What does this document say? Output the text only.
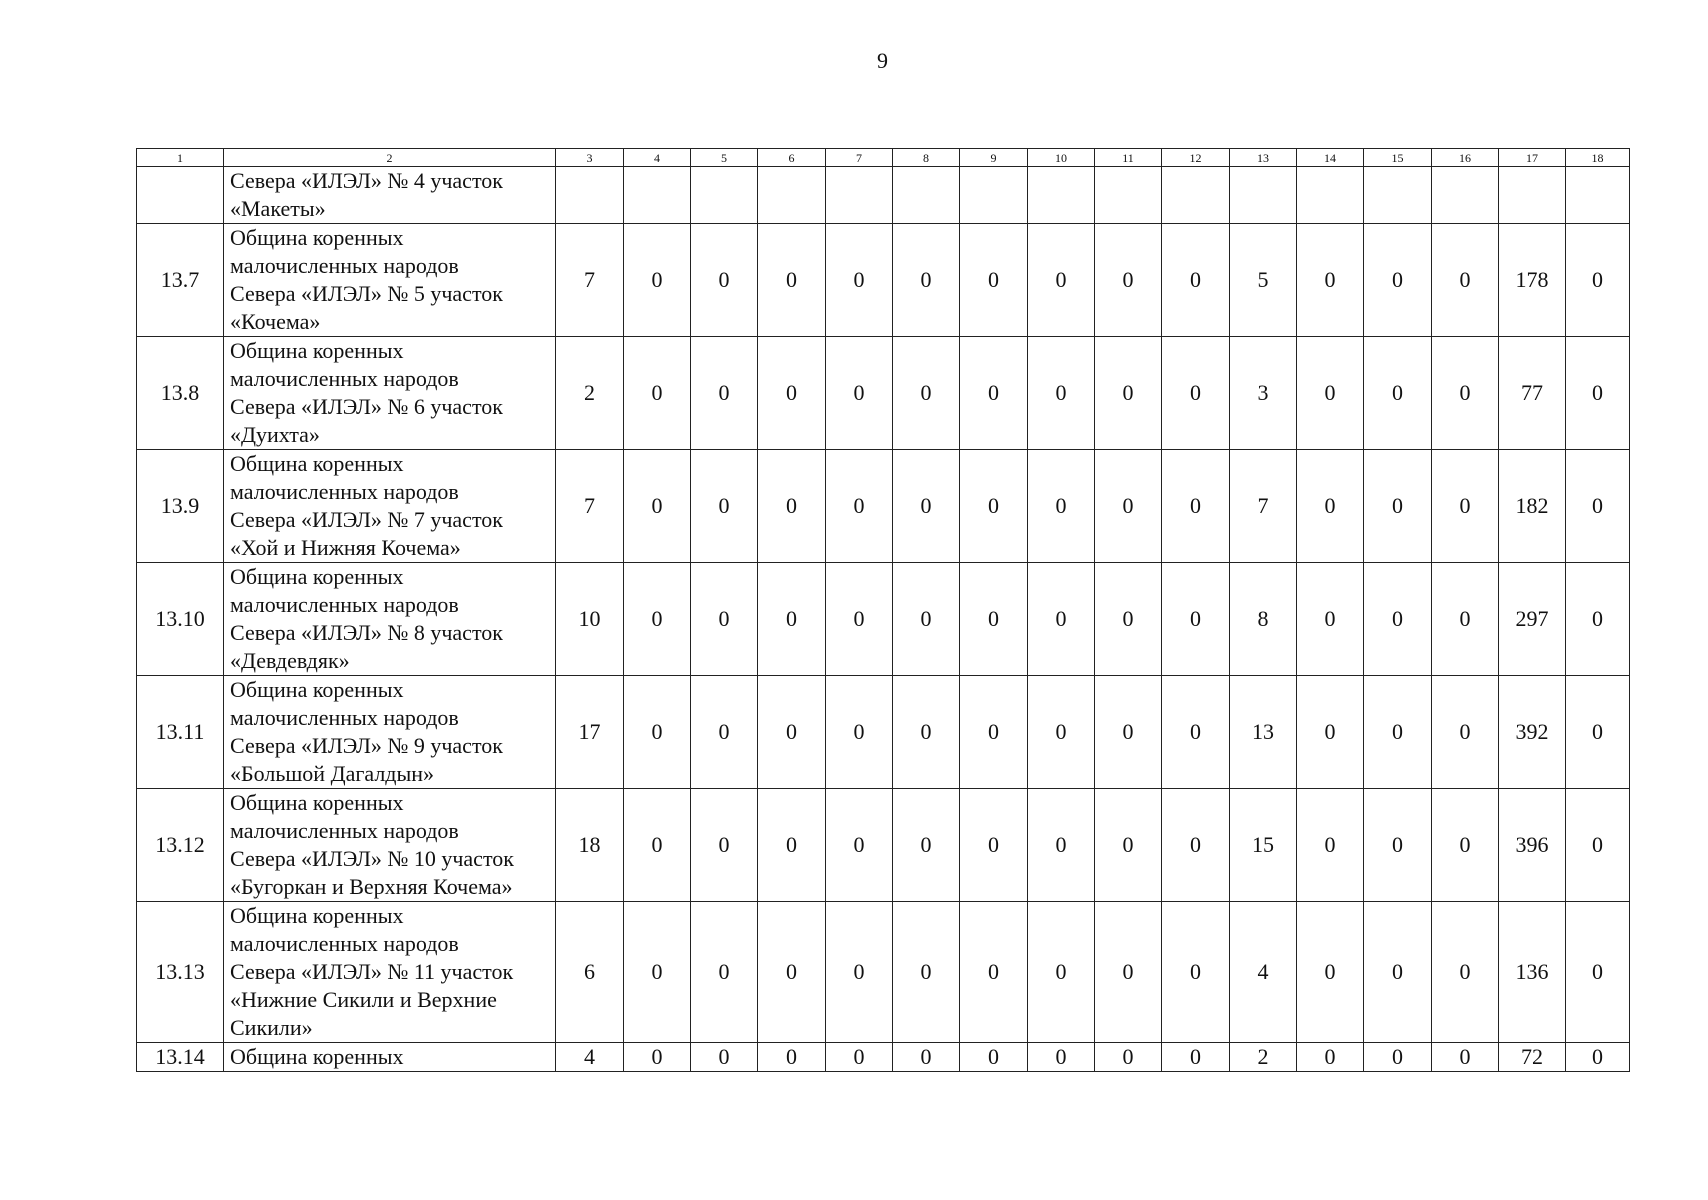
9
1	2	3	4	5	6	7	8	9	10	11	12	13	14	15	16	17	18
	Севера «ИЛЭЛ» № 4 участок
«Макеты»																
13.7	Община коренных
малочисленных народов
Севера «ИЛЭЛ» № 5 участок
«Кочема»	7	0	0	0	0	0	0	0	0	0	5	0	0	0	178	0
13.8	Община коренных
малочисленных народов
Севера «ИЛЭЛ» № 6 участок
«Дуихта»	2	0	0	0	0	0	0	0	0	0	3	0	0	0	77	0
13.9	Община коренных
малочисленных народов
Севера «ИЛЭЛ» № 7 участок
«Хой и Нижняя Кочема»	7	0	0	0	0	0	0	0	0	0	7	0	0	0	182	0
13.10	Община коренных
малочисленных народов
Севера «ИЛЭЛ» № 8 участок
«Девдевдяк»	10	0	0	0	0	0	0	0	0	0	8	0	0	0	297	0
13.11	Община коренных
малочисленных народов
Севера «ИЛЭЛ» № 9 участок
«Большой Дагалдын»	17	0	0	0	0	0	0	0	0	0	13	0	0	0	392	0
13.12	Община коренных
малочисленных народов
Севера «ИЛЭЛ» № 10 участок
«Бугоркан и Верхняя Кочема»	18	0	0	0	0	0	0	0	0	0	15	0	0	0	396	0
13.13	Община коренных
малочисленных народов
Севера «ИЛЭЛ» № 11 участок
«Нижние Сикили и Верхние
Сикили»	6	0	0	0	0	0	0	0	0	0	4	0	0	0	136	0
13.14	Община коренных	4	0	0	0	0	0	0	0	0	0	2	0	0	0	72	0
